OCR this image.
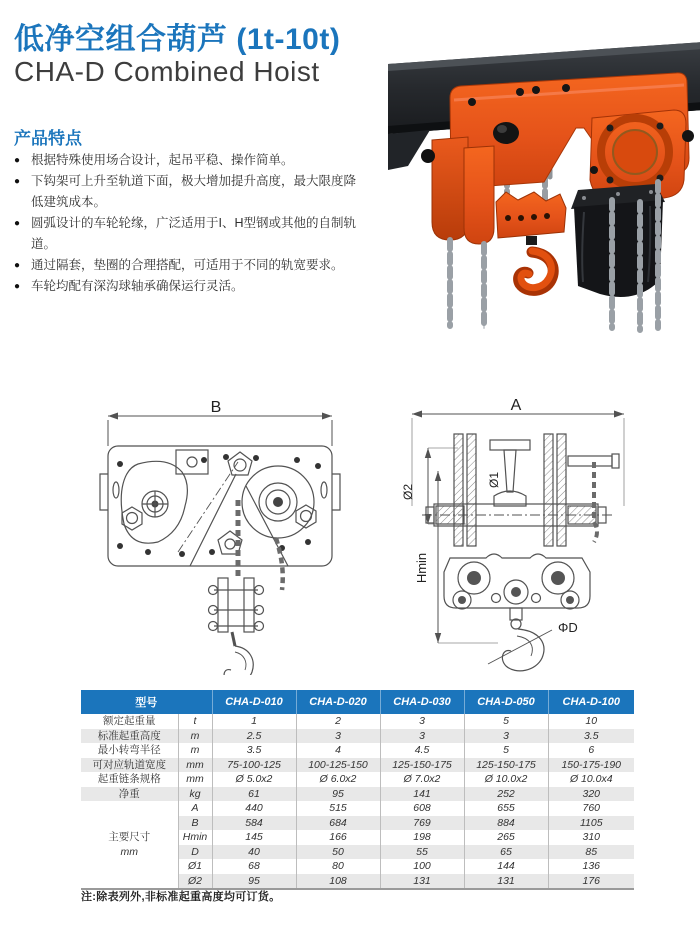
低净空组合葫芦 (1t-10t)
CHA-D Combined Hoist
产品特点
● 根据特殊使用场合设计，起吊平稳、操作简单。
● 下钩架可上升至轨道下面，极大增加提升高度，最大限度降低建筑成本。
● 圆弧设计的车轮轮缘，广泛适用于I、H型钢或其他的自制轨道。
● 通过隔套，垫圈的合理搭配，可适用于不同的轨宽要求。
● 车轮均配有深沟球轴承确保运行灵活。
B	A
Ø2
Hmin
Ø1
ΦD
型号		CHA-D-010	CHA-D-020	CHA-D-030	CHA-D-050	CHA-D-100
额定起重量	t	1	2	3	5	10
标准起重高度	m	2.5	3	3	3	3.5
最小转弯半径	m	3.5	4	4.5	5	6
可对应轨道宽度	mm	75-100-125	100-125-150	125-150-175	125-150-175	150-175-190
起重链条规格	mm	Ø 5.0x2	Ø 6.0x2	Ø 7.0x2	Ø 10.0x2	Ø 10.0x4
净重	kg	61	95	141	252	320

主要尺寸
mm	A	440	515	608	655	760
	B	584	684	769	884	1105
	Hmin	145	166	198	265	310
	D	40	50	55	65	85
	Ø1	68	80	100	144	136
	Ø2	95	108	131	131	176
注:除表列外,非标准起重高度均可订货。
